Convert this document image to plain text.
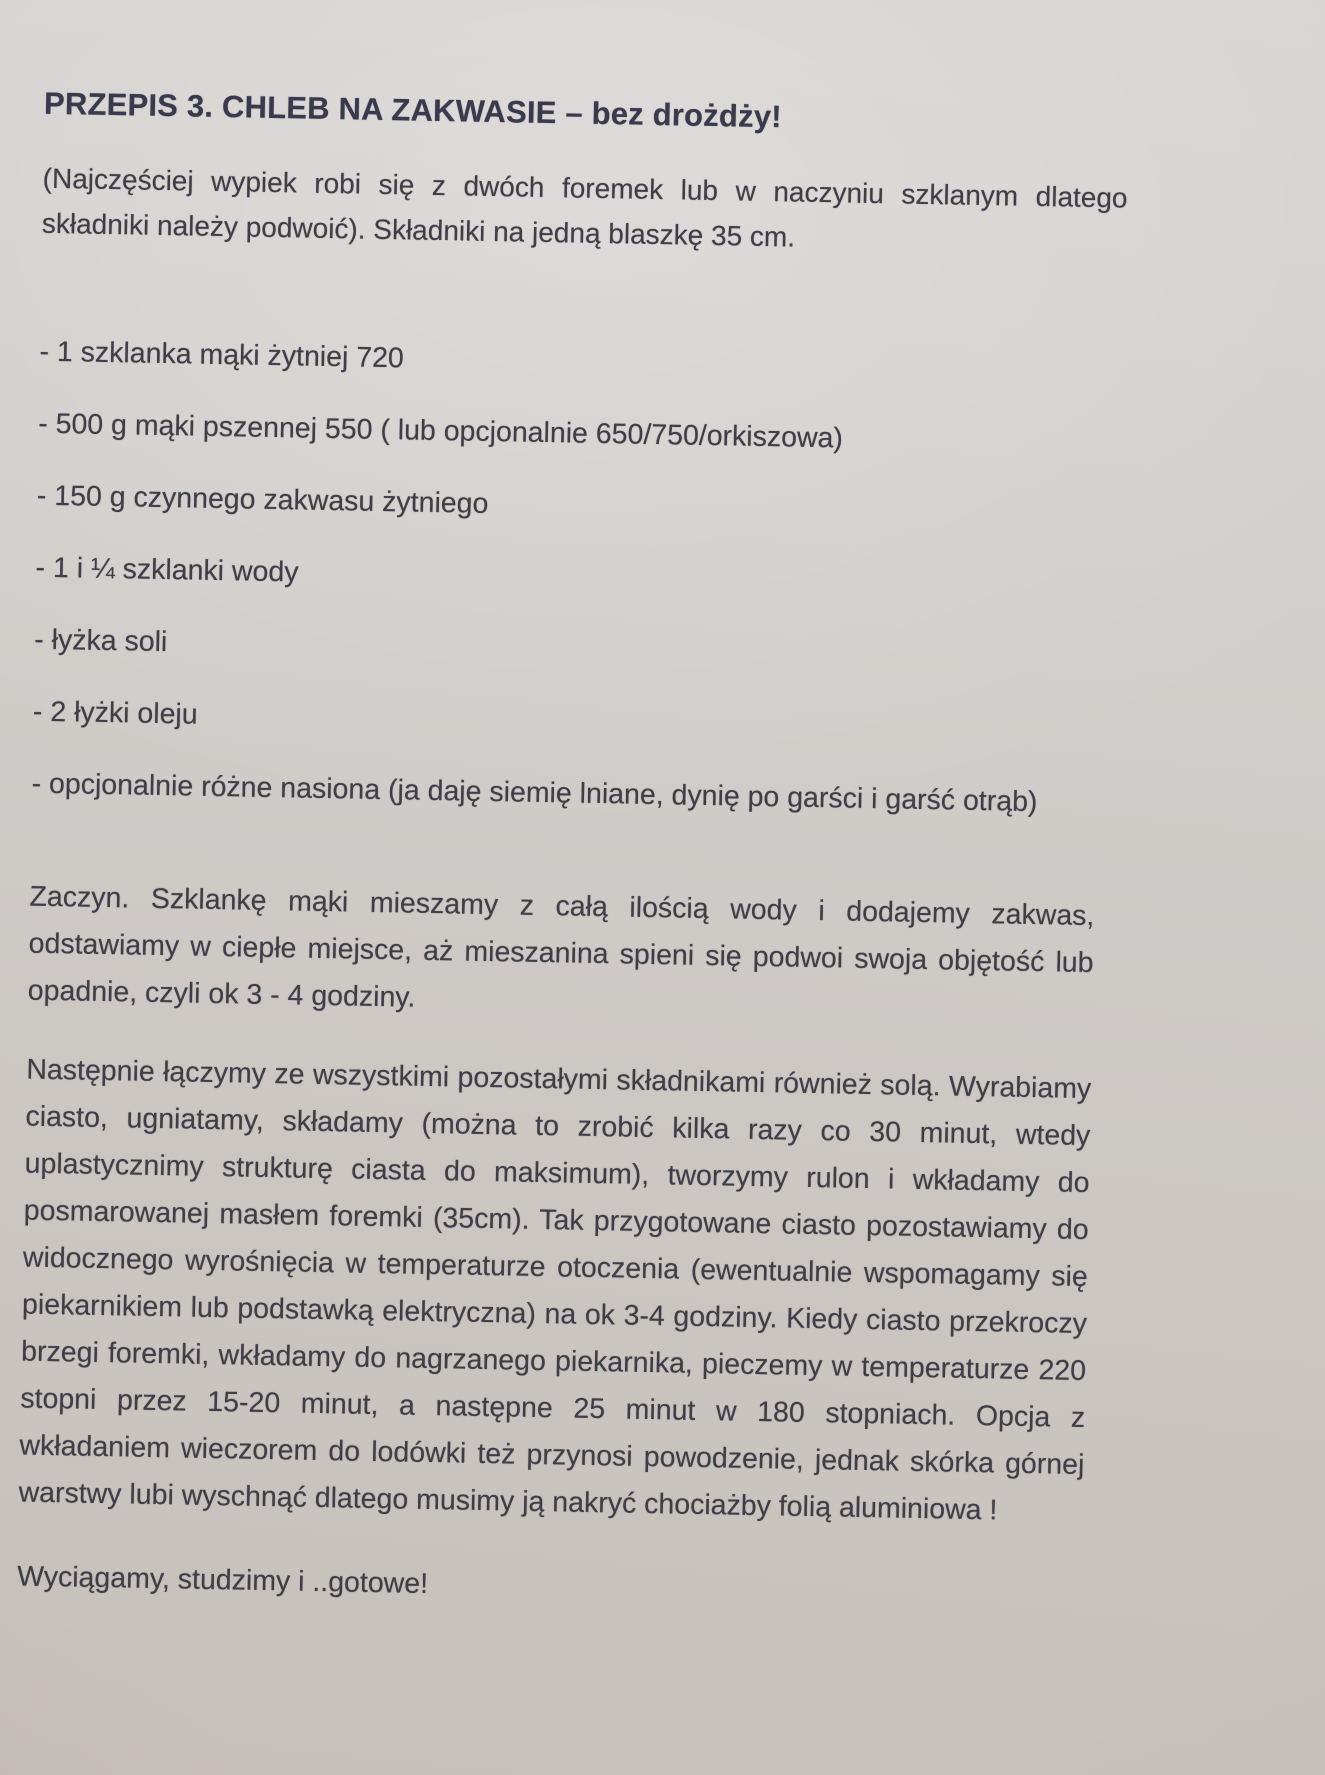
PRZEPIS 3. CHLEB NA ZAKWASIE – bez drożdży!

(Najczęściej wypiek robi się z dwóch foremek lub w naczyniu szklanym dlatego składniki należy podwoić). Składniki na jedną blaszkę 35 cm.

- 1 szklanka mąki żytniej 720
- 500 g mąki pszennej 550 ( lub opcjonalnie 650/750/orkiszowa)
- 150 g czynnego zakwasu żytniego
- 1 i ¼ szklanki wody
- łyżka soli
- 2 łyżki oleju
- opcjonalnie różne nasiona (ja daję siemię lniane, dynię po garści i garść otrąb)

Zaczyn. Szklankę mąki mieszamy z całą ilością wody i dodajemy zakwas, odstawiamy w ciepłe miejsce, aż mieszanina spieni się podwoi swoja objętość lub opadnie, czyli ok 3 - 4 godziny.

Następnie łączymy ze wszystkimi pozostałymi składnikami również solą. Wyrabiamy ciasto, ugniatamy, składamy (można to zrobić kilka razy co 30 minut, wtedy uplastycznimy strukturę ciasta do maksimum), tworzymy rulon i wkładamy do posmarowanej masłem foremki (35cm). Tak przygotowane ciasto pozostawiamy do widocznego wyrośnięcia w temperaturze otoczenia (ewentualnie wspomagamy się piekarnikiem lub podstawką elektryczna) na ok 3-4 godziny. Kiedy ciasto przekroczy brzegi foremki, wkładamy do nagrzanego piekarnika, pieczemy w temperaturze 220 stopni przez 15-20 minut, a następne 25 minut w 180 stopniach. Opcja z wkładaniem wieczorem do lodówki też przynosi powodzenie, jednak skórka górnej warstwy lubi wyschnąć dlatego musimy ją nakryć chociażby folią aluminiowa !

Wyciągamy, studzimy i ..gotowe!
